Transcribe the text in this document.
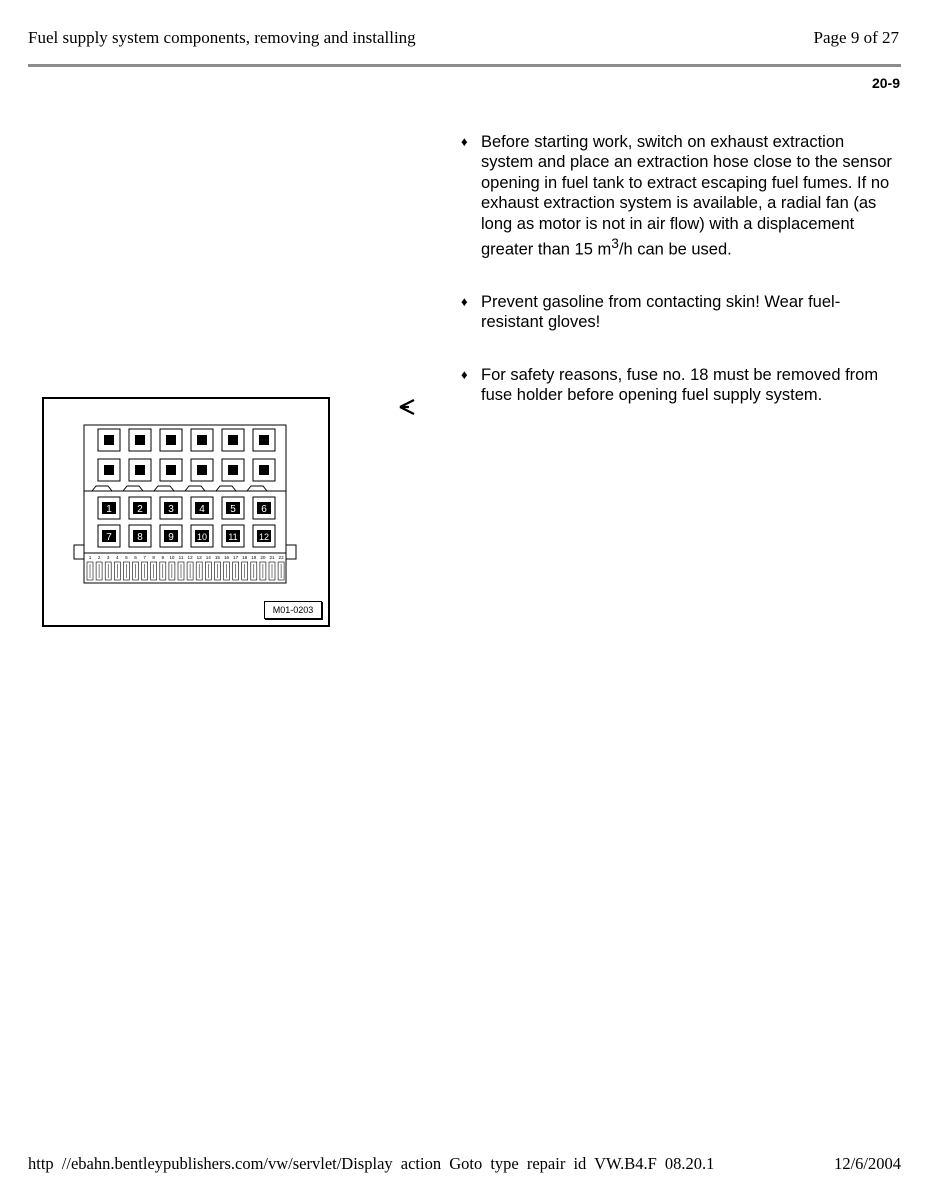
Fuel supply system components, removing and installing	Page 9 of 27
20-9
♦ Before starting work, switch on exhaust extraction system and place an extraction hose close to the sensor opening in fuel tank to extract escaping fuel fumes. If no exhaust extraction system is available, a radial fan (as long as motor is not in air flow) with a displacement greater than 15 $m^3/h$ can be used.
♦ Prevent gasoline from contacting skin! Wear fuel-resistant gloves!
♦ For safety reasons, fuse no. 18 must be removed from fuse holder before opening fuel supply system.
1	2	3	4	5	6
7	8	9	10 11 12
1 2 3 4 5 6 7 8 9 10 11 12 13 14 15 16 17 18 19 20 21 22
M01-0203
http //ebahn.bentleypublishers.com/vw/servlet/Display action Goto type repair id VW.B4.F 08.20.1	12/6/2004
